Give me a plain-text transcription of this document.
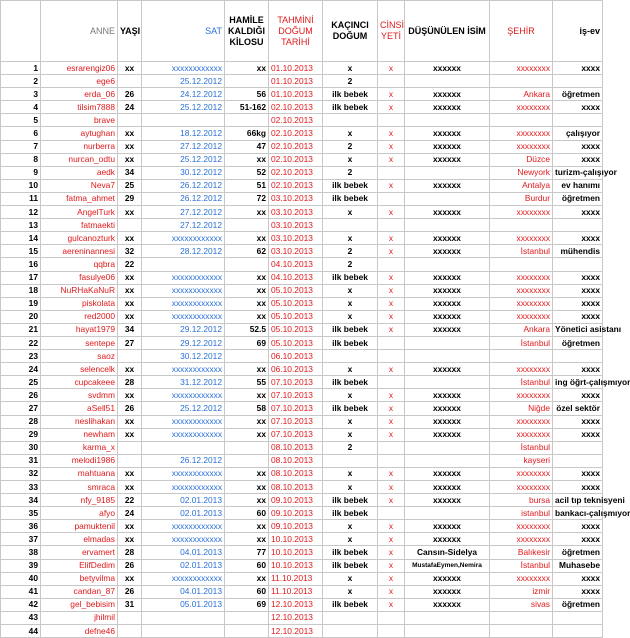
	ANNE	YAŞI	SAT	HAMİLE KALDIĞI KİLOSU	TAHMİNİ DOĞUM TARİHİ	KAÇINCI DOĞUM	CİNSİ YETİ	DÜŞÜNÜLEN İSİM	ŞEHİR	iş-ev
1	esrarengiz06	xx	xxxxxxxxxxxx	xx	01.10.2013	x	x	xxxxxx	xxxxxxxx	xxxx
2	ege6		25.12.2012		01.10.2013	2				
3	erda_06	26	24.12.2012	56	01.10.2013	ilk bebek	x	xxxxxx	Ankara	öğretmen
4	tilsim7888	24	25.12.2012	51-162	02.10.2013	ilk bebek	x	xxxxxx	xxxxxxxx	xxxx
5	brave				02.10.2013					
6	aytughan	xx	18.12.2012	66kg	02.10.2013	x	x	xxxxxx	xxxxxxxx	çalışıyor
7	nurberra	xx	27.12.2012	47	02.10.2013	2	x	xxxxxx	xxxxxxxx	xxxx
8	nurcan_odtu	xx	25.12.2012	xx	02.10.2013	x	x	xxxxxx	Düzce	xxxx
9	aedk	34	30.12.2012	52	02.10.2013	2			Newyork	turizm-çalışıyor
10	Neva7	25	26.12.2012	51	02.10.2013	ilk bebek	x	xxxxxx	Antalya	ev hanımı
11	fatma_ahmet	29	26.12.2012	72	03.10.2013	ilk bebek			Burdur	öğretmen
12	AngelTurk	xx	27.12.2012	xx	03.10.2013	x	x	xxxxxx	xxxxxxxx	xxxx
13	fatmaekti		27.12.2012		03.10.2013					
14	gulcanozturk	xx	xxxxxxxxxxxx	xx	03.10.2013	x	x	xxxxxx	xxxxxxxx	xxxx
15	aereninannesi	32	28.12.2012	62	03.10.2013	2	x	xxxxxx	İstanbul	mühendis
16	qqbra	22			04.10.2013	2				
17	fasulye06	xx	xxxxxxxxxxxx	xx	04.10.2013	ilk bebek	x	xxxxxx	xxxxxxxx	xxxx
18	NuRHaKaNuR	xx	xxxxxxxxxxxx	xx	05.10.2013	x	x	xxxxxx	xxxxxxxx	xxxx
19	piskolata	xx	xxxxxxxxxxxx	xx	05.10.2013	x	x	xxxxxx	xxxxxxxx	xxxx
20	red2000	xx	xxxxxxxxxxxx	xx	05.10.2013	x	x	xxxxxx	xxxxxxxx	xxxx
21	hayat1979	34	29.12.2012	52.5	05.10.2013	ilk bebek	x	xxxxxx	Ankara	Yönetici asistanı
22	sentepe	27	29.12.2012	69	05.10.2013	ilk bebek			İstanbul	öğretmen
23	saoz		30.12.2012		06.10.2013					
24	selencelk	xx	xxxxxxxxxxxx	xx	06.10.2013	x	x	xxxxxx	xxxxxxxx	xxxx
25	cupcakeee	28	31.12.2012	55	07.10.2013	ilk bebek			İstanbul	ing öğrt-çalışmıyor
26	svdmm	xx	xxxxxxxxxxxx	xx	07.10.2013	x	x	xxxxxx	xxxxxxxx	xxxx
27	aSell51	26	25.12.2012	58	07.10.2013	ilk bebek	x	xxxxxx	Niğde	özel sektör
28	neslihakan	xx	xxxxxxxxxxxx	xx	07.10.2013	x	x	xxxxxx	xxxxxxxx	xxxx
29	newham	xx	xxxxxxxxxxxx	xx	07.10.2013	x	x	xxxxxx	xxxxxxxx	xxxx
30	karma_x				08.10.2013	2			İstanbul	
31	melodi1986		26.12.2012		08.10.2013				kayseri	
32	mahtuana	xx	xxxxxxxxxxxx	xx	08.10.2013	x	x	xxxxxx	xxxxxxxx	xxxx
33	smraca	xx	xxxxxxxxxxxx	xx	08.10.2013	x	x	xxxxxx	xxxxxxxx	xxxx
34	nfy_9185	22	02.01.2013	xx	09.10.2013	ilk bebek	x	xxxxxx	bursa	acil tıp teknisyeni
35	afyo	24	02.01.2013	60	09.10.2013	ilk bebek			istanbul	bankacı-çalışmıyor
36	pamuktenil	xx	xxxxxxxxxxxx	xx	09.10.2013	x	x	xxxxxx	xxxxxxxx	xxxx
37	elmadas	xx	xxxxxxxxxxxx	xx	10.10.2013	x	x	xxxxxx	xxxxxxxx	xxxx
38	ervamert	28	04.01.2013	77	10.10.2013	ilk bebek	x	Cansın-Sidelya	Balıkesir	öğretmen
39	ElifDedim	26	02.01.2013	60	10.10.2013	ilk bebek	x	MustafaEymen,Nemira	İstanbul	Muhasebe
40	betyvilma	xx	xxxxxxxxxxxx	xx	11.10.2013	x	x	xxxxxx	xxxxxxxx	xxxx
41	candan_87	26	04.01.2013	60	11.10.2013	x	x	xxxxxx	izmir	xxxx
42	gel_bebisim	31	05.01.2013	69	12.10.2013	ilk bebek	x	xxxxxx	sivas	öğretmen
43	jhilmil				12.10.2013					
44	defne46				12.10.2013					
